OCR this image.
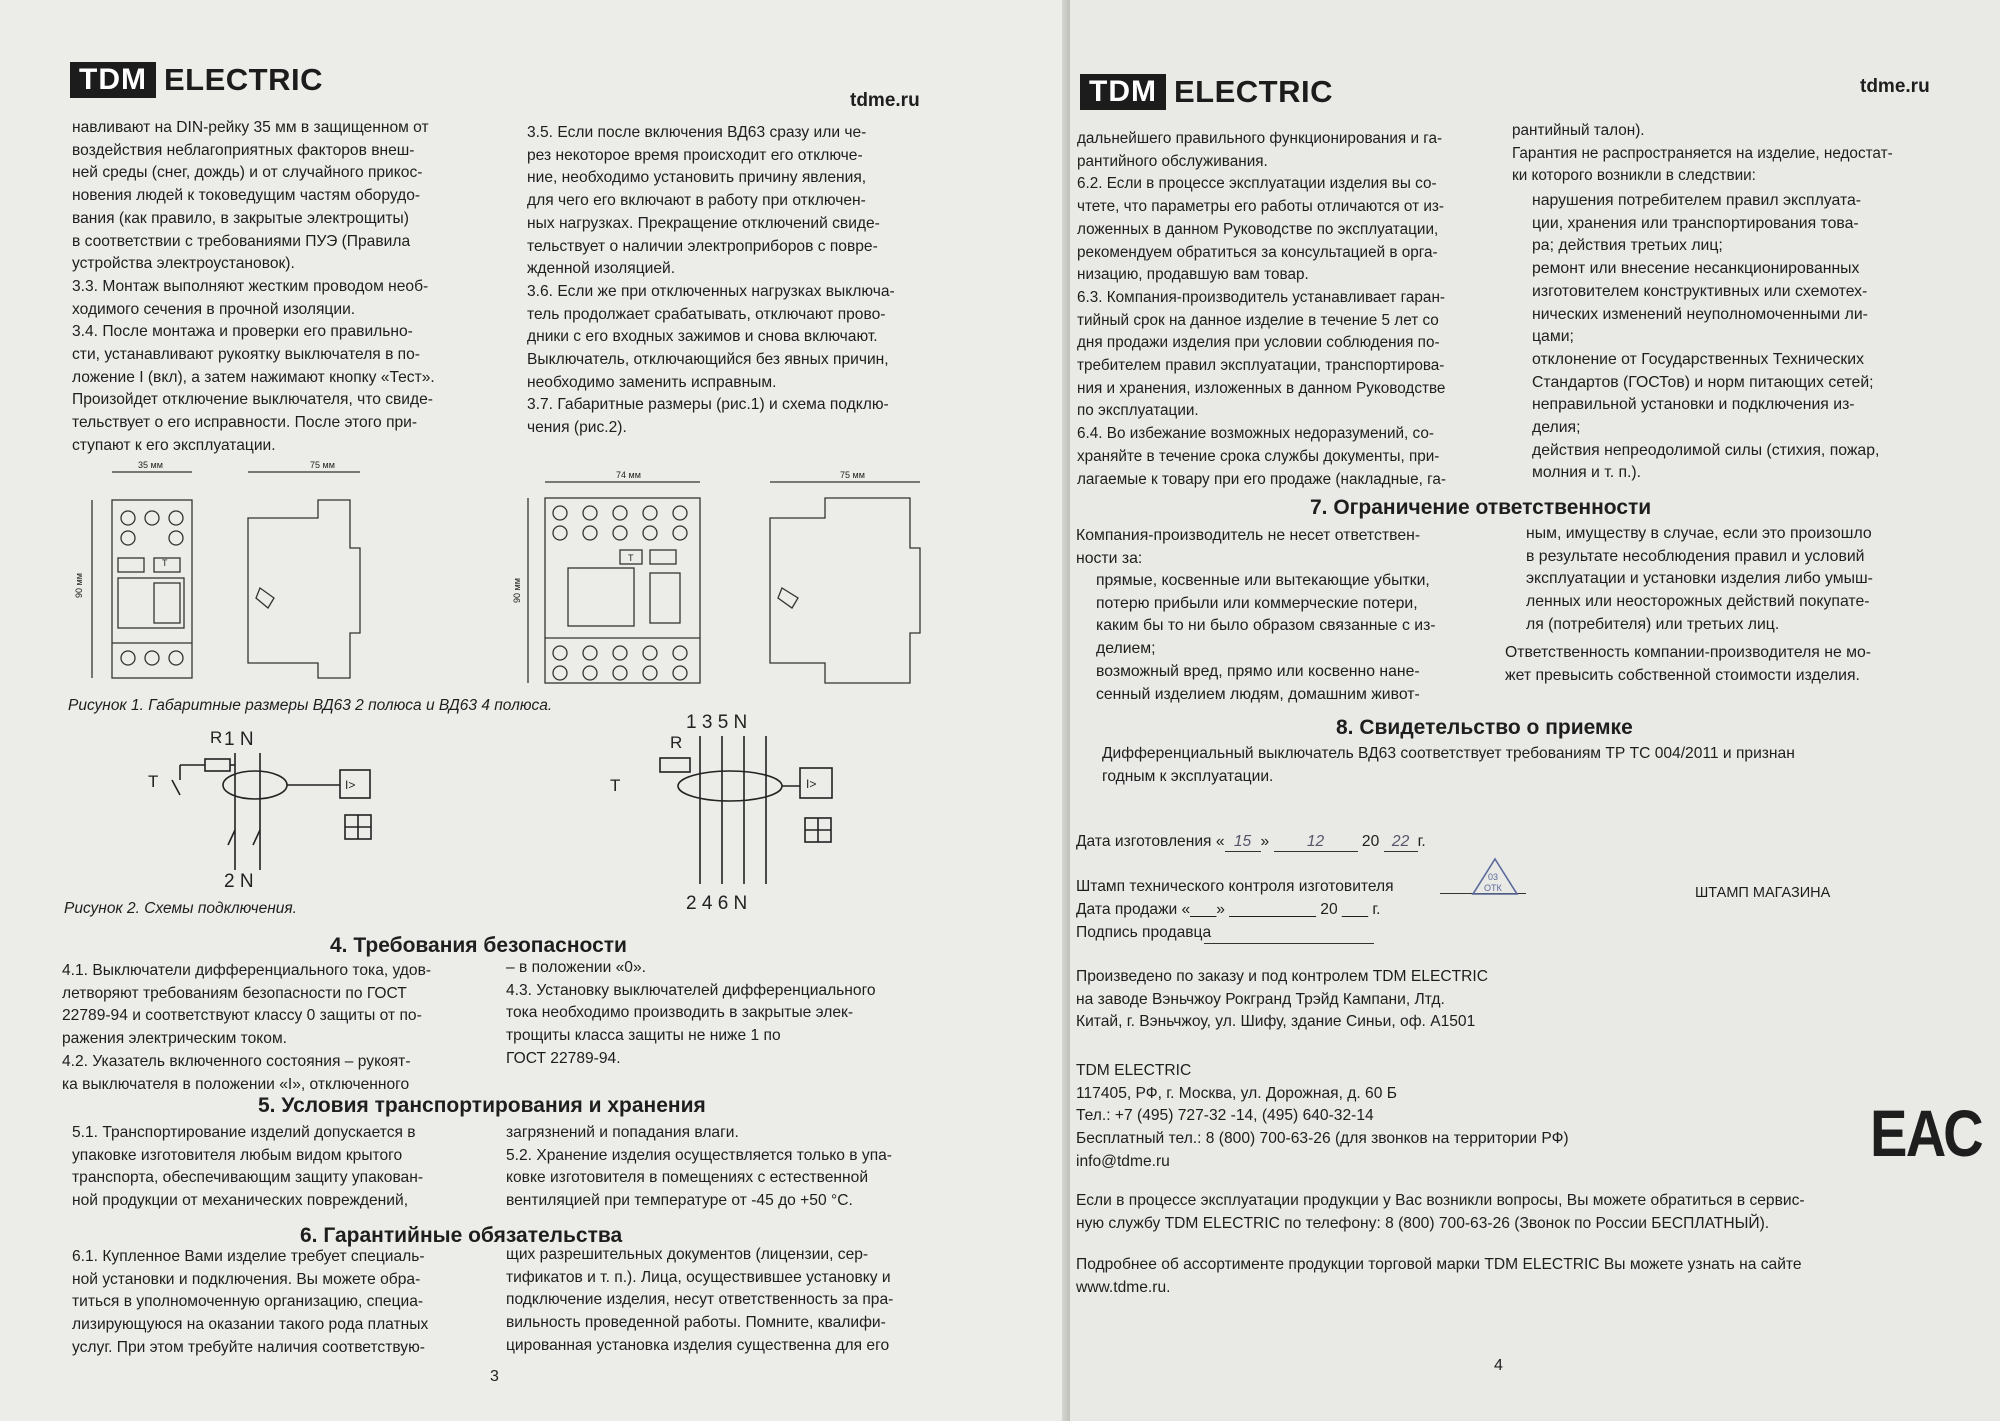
TDM ELECTRIC
tdme.ru
навливают на DIN-рейку 35 мм в защищенном от
воздействия неблагоприятных факторов внеш-
ней среды (снег, дождь) и от случайного прикос-
новения людей к токоведущим частям оборудо-
вания (как правило, в закрытые электрощиты)
в соответствии с требованиями ПУЭ (Правила
устройства электроустановок).
3.3. Монтаж выполняют жестким проводом необ-
ходимого сечения в прочной изоляции.
3.4. После монтажа и проверки его правильно-
сти, устанавливают рукоятку выключателя в по-
ложение I (вкл), а затем нажимают кнопку «Тест».
Произойдет отключение выключателя, что свиде-
тельствует о его исправности. После этого при-
ступают к его эксплуатации.
3.5. Если после включения ВД63 сразу или че-
рез некоторое время происходит его отключе-
ние, необходимо установить причину явления,
для чего его включают в работу при отключен-
ных нагрузках. Прекращение отключений свиде-
тельствует о наличии электроприборов с повре-
жденной изоляцией.
3.6. Если же при отключенных нагрузках выключа-
тель продолжает срабатывать, отключают прово-
дники с его входных зажимов и снова включают.
Выключатель, отключающийся без явных причин,
необходимо заменить исправным.
3.7. Габаритные размеры (рис.1) и схема подклю-
чения (рис.2).
35 мм
90 мм
75 мм
74 мм
90 мм
T	T
75 мм
Рисунок 1. Габаритные размеры ВД63 2 полюса и ВД63 4 полюса.
1 N
R
T	I>
2 N
1 3 5 N
R
T	I>
2 4 6 N
Рисунок 2. Схемы подключения.
4. Требования безопасности
4.1. Выключатели дифференциального тока, удов-
летворяют требованиям безопасности по ГОСТ
22789-94 и соответствуют классу 0 защиты от по-
ражения электрическим током.
4.2. Указатель включенного состояния – рукоят-
ка выключателя в положении «I», отключенного
– в положении «0».
4.3. Установку выключателей дифференциального
тока необходимо производить в закрытые элек-
трощиты класса защиты не ниже 1 по
ГОСТ 22789-94.
5. Условия транспортирования и хранения
5.1. Транспортирование изделий допускается в
упаковке изготовителя любым видом крытого
транспорта, обеспечивающим защиту упакован-
ной продукции от механических повреждений,
загрязнений и попадания влаги.
5.2. Хранение изделия осуществляется только в упа-
ковке изготовителя в помещениях с естественной
вентиляцией при температуре от -45 до +50 °С.
6. Гарантийные обязательства
6.1. Купленное Вами изделие требует специаль-
ной установки и подключения. Вы можете обра-
титься в уполномоченную организацию, специа-
лизирующуюся на оказании такого рода платных
услуг. При этом требуйте наличия соответствую-
щих разрешительных документов (лицензии, сер-
тификатов и т. п.). Лица, осуществившее установку и
подключение изделия, несут ответственность за пра-
вильность проведенной работы. Помните, квалифи-
цированная установка изделия существенна для его
3
TDM ELECTRIC	tdme.ru
дальнейшего правильного функционирования и га-
рантийного обслуживания.
6.2. Если в процессе эксплуатации изделия вы со-
чтете, что параметры его работы отличаются от из-
ложенных в данном Руководстве по эксплуатации,
рекомендуем обратиться за консультацией в орга-
низацию, продавшую вам товар.
6.3. Компания-производитель устанавливает гаран-
тийный срок на данное изделие в течение 5 лет со
дня продажи изделия при условии соблюдения по-
требителем правил эксплуатации, транспортирова-
ния и хранения, изложенных в данном Руководстве
по эксплуатации.
6.4. Во избежание возможных недоразумений, со-
храняйте в течение срока службы документы, при-
лагаемые к товару при его продаже (накладные, га-
рантийный талон).
Гарантия не распространяется на изделие, недостат-
ки которого возникли в следствии:
нарушения потребителем правил эксплуата-
ции, хранения или транспортирования това-
ра; действия третьих лиц;
ремонт или внесение несанкционированных
изготовителем конструктивных или схемотех-
нических изменений неуполномоченными ли-
цами;
отклонение от Государственных Технических
Стандартов (ГОСТов) и норм питающих сетей;
неправильной установки и подключения из-
делия;
действия непреодолимой силы (стихия, пожар,
молния и т. п.).
7. Ограничение ответственности
Компания-производитель не несет ответствен-
ности за:
прямые, косвенные или вытекающие убытки,
потерю прибыли или коммерческие потери,
каким бы то ни было образом связанные с из-
делием;
возможный вред, прямо или косвенно нане-
сенный изделием людям, домашним живот-
ным, имуществу в случае, если это произошло
в результате несоблюдения правил и условий
эксплуатации и установки изделия либо умыш-
ленных или неосторожных действий покупате-
ля (потребителя) или третьих лиц.
Ответственность компании-производителя не мо-
жет превысить собственной стоимости изделия.
8. Свидетельство о приемке
Дифференциальный выключатель ВД63 соответствует требованиям ТР ТС 004/2011 и признан
годным к эксплуатации.
Дата изготовления « 15 » 12 20 22 г.
Штамп технического контроля изготовителя
03
ОТК	ШТАМП МАГАЗИНА
Дата продажи «___» __________ 20 ___ г.
Подпись продавца
Произведено по заказу и под контролем TDM ELECTRIC
на заводе Вэньчжоу Рокгранд Трэйд Кампани, Лтд.
Китай, г. Вэньчжоу, ул. Шифу, здание Синьи, оф. А1501
TDM ELECTRIC
117405, РФ, г. Москва, ул. Дорожная, д. 60 Б
Тел.: +7 (495) 727-32 -14, (495) 640-32-14
Бесплатный тел.: 8 (800) 700-63-26 (для звонков на территории РФ)
info@tdme.ru	ЕАС
Если в процессе эксплуатации продукции у Вас возникли вопросы, Вы можете обратиться в сервис-
ную службу TDM ELECTRIC по телефону: 8 (800) 700-63-26 (Звонок по России БЕСПЛАТНЫЙ).
Подробнее об ассортименте продукции торговой марки TDM ELECTRIC Вы можете узнать на сайте
www.tdme.ru.
4
